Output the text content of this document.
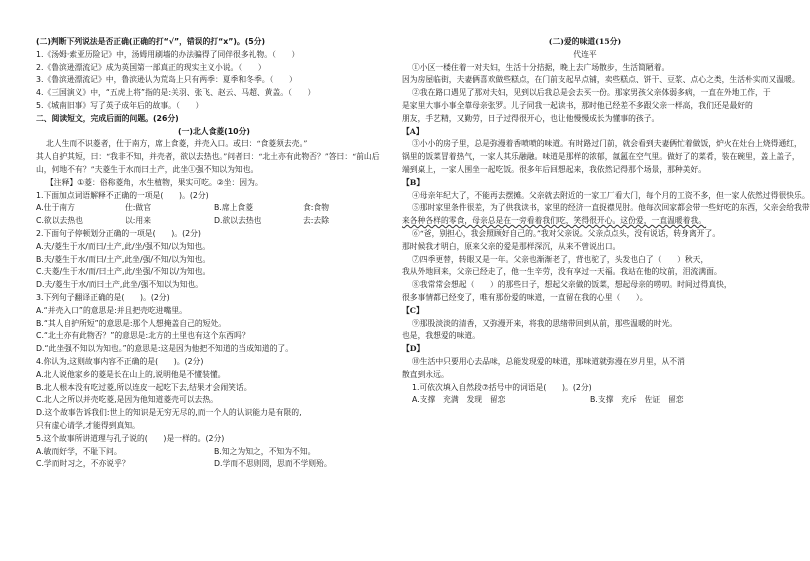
(二)判断下列说法是否正确(正确的打“√”，错误的打“x”)。(5分)
1.《汤姆·索亚历险记》中，汤姆用刷墙的办法骗得了同伴很多礼物。（　　）
2.《鲁滨逊漂流记》成为英国第一部真正的现实主义小说。（　　）
3.《鲁滨逊漂流记》中，鲁滨逊认为荒岛上只有两季：夏季和冬季。（　　）
4.《三国演义》中，“五虎上将”指的是:关羽、张飞、赵云、马超、黄盖。（　　）
5.《城南旧事》写了英子成年后的故事。（　　）
二、阅读短文，完成后面的问题。(26分)
(一)北人食菱(10分)
北人生而不识菱者，仕于南方，席上食菱，并壳入口。或曰：“食菱须去壳。”
其人自护其短，曰：“我非不知，并壳者，欲以去热也。”问者曰：“北土亦有此物否？”答曰：“前山后
山，何地不有？”夫菱生于水而曰土产，此坐①强不知以为知也。
【注释】①菱：俗称菱角，水生植物，果实可吃。②坐：因为。
1.下面加点词语解释不正确的一项是(　　)。(2分)
A.仕于南方	仕:做官	B.席上食菱	食:食物
C.欲以去热也	以:用来	D.欲以去热也	去:去除
2.下面句子停顿划分正确的一项是(　　)。(2分)
A.夫/菱生于水/而曰/土产,此/坐/强不知/以为知也。
B.夫/菱生于水/而曰/土产,此坐/强/不知/以为知也。
C.夫菱/生于水/而/曰土产,此/坐强/不知以/为知也。
D.夫/菱生于水/而曰土产,此坐/强不知以为知也。
3.下列句子翻译正确的是(　　)。(2分)
A.“并壳入口”的意思是:并且把壳吃进嘴里。
B.“其人自护所短”的意思是:那个人想掩盖自己的短处。
C.“北土亦有此物否？”的意思是:北方的土里也有这个东西吗？
D.“此坐强不知以为知也。”的意思是:这是因为他把不知道的当成知道的了。
4.你认为,这则故事内容不正确的是(　　)。(2分)
A.北人说他家乡的菱是长在山上的,说明他是不懂装懂。
B.北人根本没有吃过菱,所以连皮一起吃下去,结果才会闹笑话。
C.北人之所以并壳吃菱,是因为他知道菱壳可以去热。
D.这个故事告诉我们:世上的知识是无穷无尽的,而一个人的认识能力是有限的,
只有虚心请学,才能得到真知。
5.这个故事所讲道理与孔子说的(　　)是一样的。(2分)
A.敏而好学，不耻下问。	B.知之为知之，不知为不知。
C.学而时习之，不亦说乎？	D.学而不思则罔，思而不学则殆。
(二)爱的味道(15分)
代连平
①小区一楼住着一对夫妇，生活十分拮据，晚上去广场散步，生活简陋着。
因为房屋临街，夫妻俩喜欢做些糕点，在门前支起早点铺，卖些糕点、饼干、豆浆、点心之类，生活朴实而又温暖。
②我在路口遇见了那对夫妇，见到以后我总是会去买一份。那家男孩父亲体弱多病，一直在外地工作，于
是家里大事小事全靠母亲张罗。儿子同我一起读书，那时他已经差不多跟父亲一样高，我们还是最好的
朋友，手艺精，又勤劳，日子过得很开心，也让他慢慢成长为懂事的孩子。
【A】
③小小的房子里，总是弥漫着香喷喷的味道。有时路过门前，就会看到夫妻俩忙着做饭，炉火在灶台上烧得通红，
锅里的饭菜冒着热气，一家人其乐融融。味道是那样的浓郁，氤氲在空气里。做好了的菜肴，装在碗里，盖上盖子，
端到桌上，一家人围坐一起吃饭。很多年后回想起来，我依然记得那个场景，那种美好。
【B】
④母亲年纪大了，不能再去摆摊。父亲就去附近的一家工厂看大门，每个月的工资不多，但一家人依然过得很快乐。
⑤那时家里条件很差，为了供我读书，家里的经济一直捉襟见肘。他每次回家都会带一些好吃的东西，父亲会给我带
来各种各样的零食，母亲总是在一旁看着我们吃，笑得很开心。这份爱，一直温暖着我。
⑥“爸，别担心，我会照顾好自己的。”我对父亲说。父亲点点头，没有说话，转身离开了。
那时候我才明白，原来父亲的爱是那样深沉，从来不曾说出口。
⑦四季更替，转眼又是一年。父亲也渐渐老了，背也驼了，头发也白了（　　）秋天，
我从外地回来，父亲已经走了，他一生辛劳，没有享过一天福。我站在他的坟前，泪流满面。
⑧我常常会想起（　　）的那些日子，想起父亲做的饭菜，想起母亲的唠叨。时间过得真快，
很多事情都已经变了，唯有那份爱的味道，一直留在我的心里（　　）。
【C】
⑨那股淡淡的清香，又弥漫开来，将我的思绪带回到从前，那些温暖的时光。
也是，我想爱的味道。
【D】
⑩生活中只要用心去品味，总能发现爱的味道，那味道就弥漫在岁月里，从不消
散直到永远。
1.可依次填入自然段⑦括号中的词语是(　　)。(2分)
A.支撑　充满　发现　留恋	B.支撑　充斥　佐证　留恋
